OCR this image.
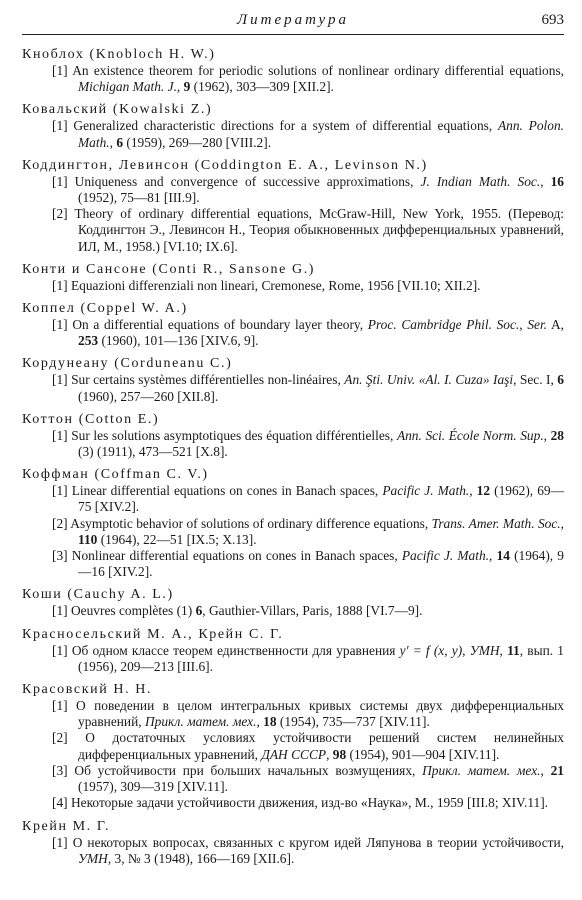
Литература	693

Кноблох (Knobloch H. W.)

[1] An existence theorem for periodic solutions of nonlinear ordinary differential equations, Michigan Math. J., 9 (1962), 303—309 [XII.2].

Ковальский (Kowalski Z.)

[1] Generalized characteristic directions for a system of differential equations, Ann. Polon. Math., 6 (1959), 269—280 [VIII.2].

Коддингтон, Левинсон (Coddington E. A., Levinson N.)

[1] Uniqueness and convergence of successive approximations, J. Indian Math. Soc., 16 (1952), 75—81 [III.9].
[2] Theory of ordinary differential equations, McGraw-Hill, New York, 1955. (Перевод: Коддингтон Э., Левинсон Н., Теория обыкновенных дифференциальных уравнений, ИЛ, М., 1958.) [VI.10; IX.6].

Конти и Сансоне (Conti R., Sansone G.)

[1] Equazioni differenziali non lineari, Cremonese, Rome, 1956 [VII.10; XII.2].

Коппел (Coppel W. A.)

[1] On a differential equations of boundary layer theory, Proc. Cambridge Phil. Soc., Ser. A, 253 (1960), 101—136 [XIV.6, 9].

Кордунеану (Corduneanu C.)

[1] Sur certains systèmes différentielles non-linéaires, An. Şti. Univ. «Al. I. Cuza» Iaşi, Sec. I, 6 (1960), 257—260 [XII.8].

Коттон (Cotton E.)

[1] Sur les solutions asymptotiques des équation différentielles, Ann. Sci. École Norm. Sup., 28 (3) (1911), 473—521 [X.8].

Коффман (Coffman C. V.)

[1] Linear differential equations on cones in Banach spaces, Pacific J. Math., 12 (1962), 69—75 [XIV.2].
[2] Asymptotic behavior of solutions of ordinary difference equations, Trans. Amer. Math. Soc., 110 (1964), 22—51 [IX.5; X.13].
[3] Nonlinear differential equations on cones in Banach spaces, Pacific J. Math., 14 (1964), 9—16 [XIV.2].

Коши (Cauchy A. L.)

[1] Oeuvres complètes (1) 6, Gauthier-Villars, Paris, 1888 [VI.7—9].

Красносельский М. А., Крейн С. Г.

[1] Об одном классе теорем единственности для уравнения y′ = f (x, y), УМН, 11, вып. 1 (1956), 209—213 [III.6].

Красовский Н. Н.

[1] О поведении в целом интегральных кривых системы двух дифференциальных уравнений, Прикл. матем. мех., 18 (1954), 735—737 [XIV.11].
[2] О достаточных условиях устойчивости решений систем нелинейных дифференциальных уравнений, ДАН СССР, 98 (1954), 901—904 [XIV.11].
[3] Об устойчивости при больших начальных возмущениях, Прикл. матем. мех., 21 (1957), 309—319 [XIV.11].
[4] Некоторые задачи устойчивости движения, изд-во «Наука», М., 1959 [III.8; XIV.11].

Крейн М. Г.

[1] О некоторых вопросах, связанных с кругом идей Ляпунова в теории устойчивости, УМН, 3, № 3 (1948), 166—169 [XII.6].
